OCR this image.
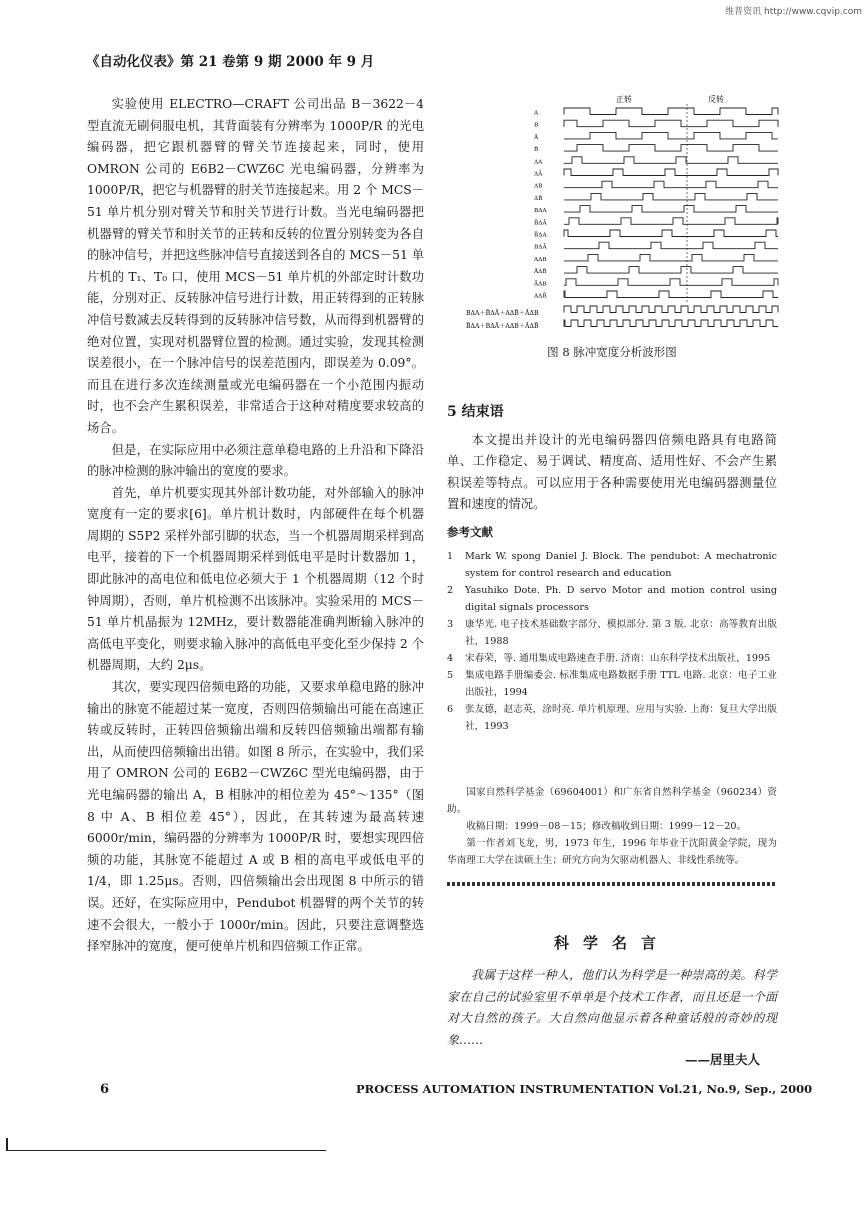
维普资讯 http://www.cqvip.com
《自动化仪表》第 21 卷第 9 期 2000 年 9 月

实验使用 ELECTRO—CRAFT 公司出品 B－3622－4 型直流无刷伺服电机，其背面装有分辨率为 1000P/R 的光电编码器，把它跟机器臂的臂关节连接起来，同时，使用 OMRON 公司的 E6B2－CWZ6C 光电编码器，分辨率为 1000P/R，把它与机器臂的肘关节连接起来。用 2 个 MCS－51 单片机分别对臂关节和肘关节进行计数。当光电编码器把机器臂的臂关节和肘关节的正转和反转的位置分别转变为各自的脉冲信号，并把这些脉冲信号直接送到各自的 MCS－51 单片机的 T₁、T₀ 口，使用 MCS－51 单片机的外部定时计数功能，分别对正、反转脉冲信号进行计数，用正转得到的正转脉冲信号数减去反转得到的反转脉冲信号数，从而得到机器臂的绝对位置，实现对机器臂位置的检测。通过实验，发现其检测误差很小，在一个脉冲信号的误差范围内，即误差为 0.09°。而且在进行多次连续测量或光电编码器在一个小范围内振动时，也不会产生累积误差，非常适合于这种对精度要求较高的场合。

但是，在实际应用中必须注意单稳电路的上升沿和下降沿的脉冲检测的脉冲输出的宽度的要求。

首先，单片机要实现其外部计数功能，对外部输入的脉冲宽度有一定的要求[6]。单片机计数时，内部硬件在每个机器周期的 S5P2 采样外部引脚的状态，当一个机器周期采样到高电平，接着的下一个机器周期采样到低电平是时计数器加 1，即此脉冲的高电位和低电位必须大于 1 个机器周期（12 个时钟周期），否则，单片机检测不出该脉冲。实验采用的 MCS－51 单片机晶振为 12MHz，要计数器能准确判断输入脉冲的高低电平变化，则要求输入脉冲的高低电平变化至少保持 2 个机器周期，大约 2μs。

其次，要实现四倍频电路的功能，又要求单稳电路的脉冲输出的脉宽不能超过某一宽度，否则四倍频输出可能在高速正转或反转时，正转四倍频输出端和反转四倍频输出端都有输出，从而使四倍频输出出错。如图 8 所示，在实验中，我们采用了 OMRON 公司的 E6B2－CWZ6C 型光电编码器，由于光电编码器的输出 A，B 相脉冲的相位差为 45°～135°（图 8 中 A、B 相位差 45°），因此，在其转速为最高转速 6000r/min，编码器的分辨率为 1000P/R 时，要想实现四倍频的功能，其脉宽不能超过 A 或 B 相的高电平或低电平的 1/4，即 1.25μs。否则，四倍频输出会出现图 8 中所示的错误。还好，在实际应用中，Pendubot 机器臂的两个关节的转速不会很大，一般小于 1000r/min。因此，只要注意调整选择窄脉冲的宽度，便可使单片机和四倍频工作正常。

正转	反转
A
B
Ā
B̄
ΔA
ΔĀ
ΔB
ΔB̄
BΔA
B̄ΔĀ
B̄ΔA
BΔĀ
AΔB
ĀΔB̄
ĀΔB
AΔB̄
BΔA＋B̄ΔĀ＋AΔB̄＋ĀΔB
B̄ΔA＋BΔĀ＋AΔB＋ĀΔB̄
图 8 脉冲宽度分析波形图
5 结束语

本文提出并设计的光电编码器四倍频电路具有电路简单、工作稳定、易于调试、精度高、适用性好、不会产生累积误差等特点。可以应用于各种需要使用光电编码器测量位置和速度的情况。

参考文献
1	Mark W. spong Daniel J. Block. The pendubot: A mechatronic system for control research and education
2	Yasuhiko Dote. Ph. D servo Motor and motion control using digital signals processors
3	康华光. 电子技术基础数字部分、模拟部分. 第 3 版. 北京：高等教育出版社，1988
4	宋春荣，等. 通用集成电路速查手册. 济南：山东科学技术出版社，1995
5	集成电路手册编委会. 标准集成电路数据手册 TTL 电路. 北京：电子工业出版社，1994
6	张友德，赵志英，涂时亮. 单片机原理、应用与实验. 上海：复旦大学出版社，1993

国家自然科学基金（69604001）和广东省自然科学基金（960234）资助。

收稿日期：1999－08－15；修改稿收到日期：1999－12－20。

第一作者刘飞龙，男，1973 年生，1996 年毕业于沈阳黄金学院，现为华南理工大学在读硕士生；研究方向为欠驱动机器人、非线性系统等。

科学名言

我属于这样一种人，他们认为科学是一种崇高的美。科学家在自己的试验室里不单单是个技术工作者，而且还是一个面对大自然的孩子。大自然向他显示着各种童话般的奇妙的现象……

——居里夫人
6	PROCESS AUTOMATION INSTRUMENTATION Vol.21, No.9, Sep., 2000
